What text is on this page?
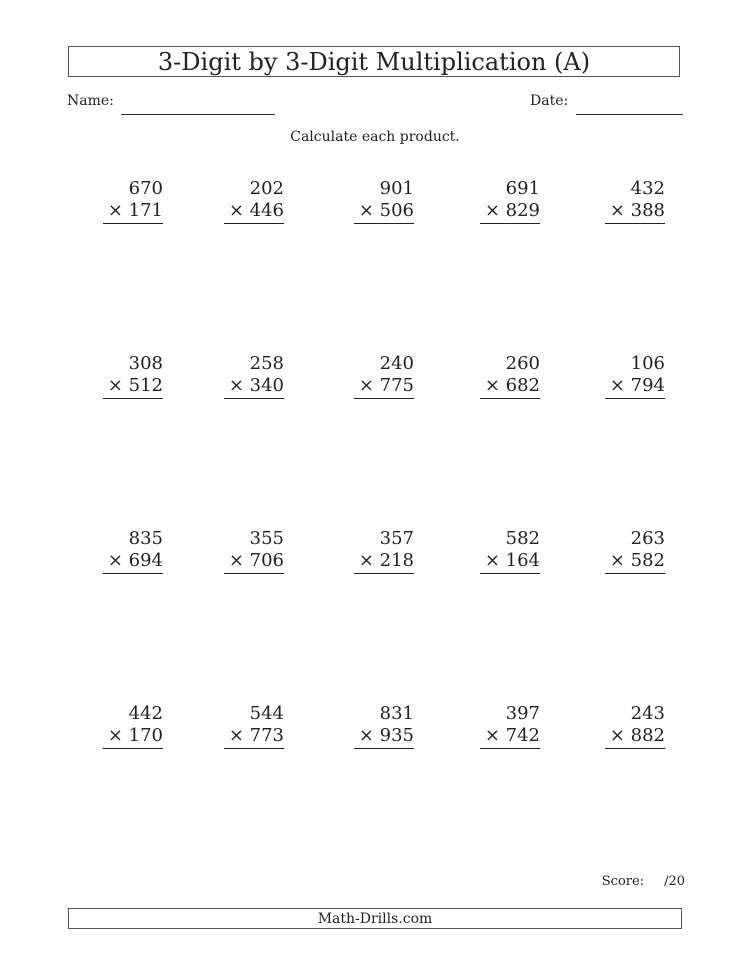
3-Digit by 3-Digit Multiplication (A)
Name:	Date:
Calculate each product.
670
× 171
202
× 446
901
× 506
691
× 829
432
× 388
308
× 512
258
× 340
240
× 775
260
× 682
106
× 794
835
× 694
355
× 706
357
× 218
582
× 164
263
× 582
442
× 170
544
× 773
831
× 935
397
× 742
243
× 882
Score: /20
Math-Drills.com
